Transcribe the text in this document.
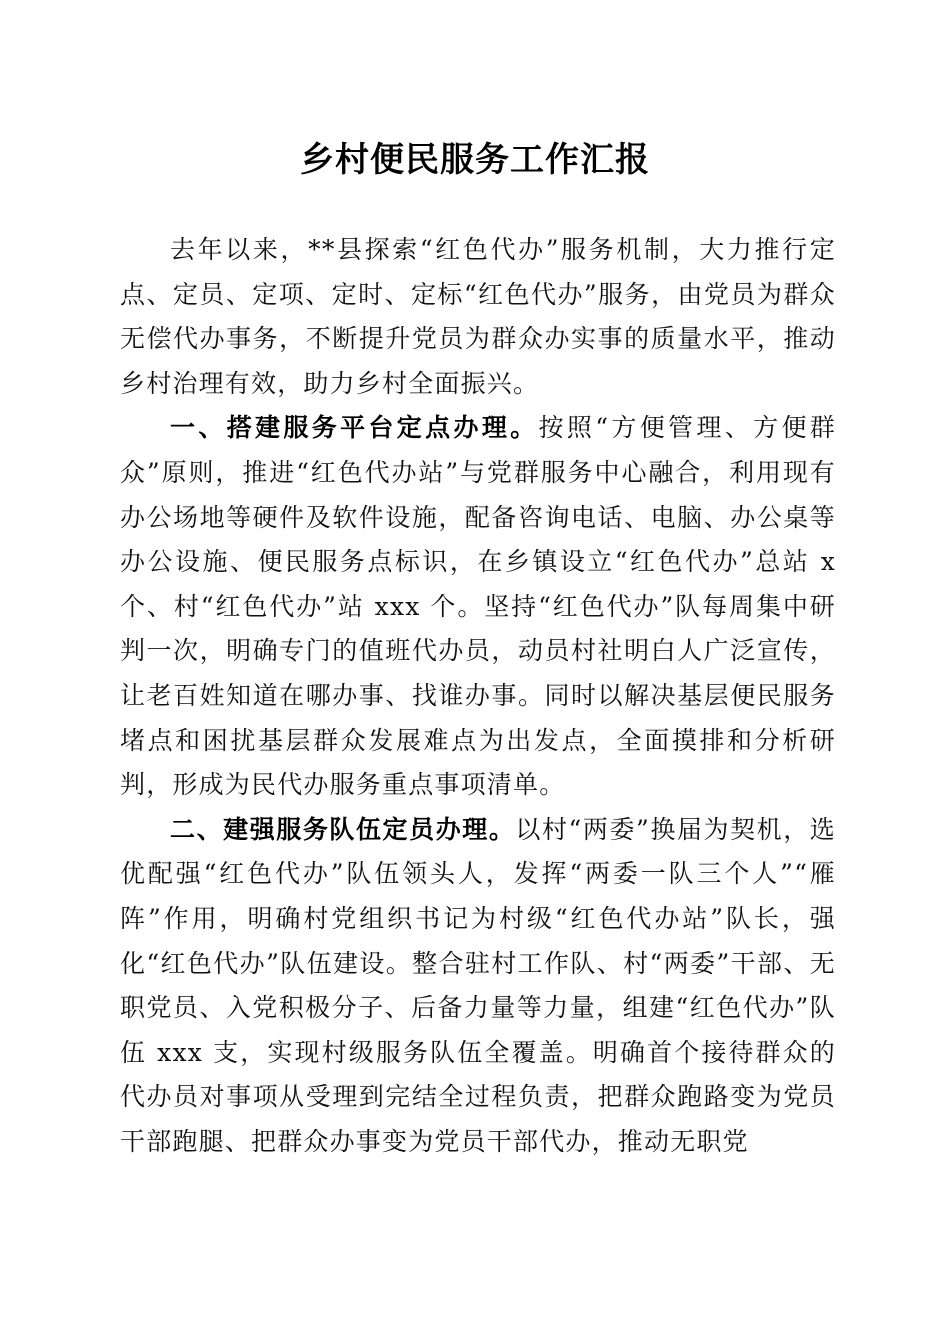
乡村便民服务工作汇报

去年以来，**县探索“红色代办”服务机制，大力推行定点、定员、定项、定时、定标“红色代办”服务，由党员为群众无偿代办事务，不断提升党员为群众办实事的质量水平，推动乡村治理有效，助力乡村全面振兴。

一、搭建服务平台定点办理。按照“方便管理、方便群众”原则，推进“红色代办站”与党群服务中心融合，利用现有办公场地等硬件及软件设施，配备咨询电话、电脑、办公桌等办公设施、便民服务点标识，在乡镇设立“红色代办”总站 x 个、村“红色代办”站 xxx 个。坚持“红色代办”队每周集中研判一次，明确专门的值班代办员，动员村社明白人广泛宣传，让老百姓知道在哪办事、找谁办事。同时以解决基层便民服务堵点和困扰基层群众发展难点为出发点，全面摸排和分析研判，形成为民代办服务重点事项清单。

二、建强服务队伍定员办理。以村“两委”换届为契机，选优配强“红色代办”队伍领头人，发挥“两委一队三个人”“雁阵”作用，明确村党组织书记为村级“红色代办站”队长，强化“红色代办”队伍建设。整合驻村工作队、村“两委”干部、无职党员、入党积极分子、后备力量等力量，组建“红色代办”队伍 xxx 支，实现村级服务队伍全覆盖。明确首个接待群众的代办员对事项从受理到完结全过程负责，把群众跑路变为党员干部跑腿、把群众办事变为党员干部代办，推动无职党
